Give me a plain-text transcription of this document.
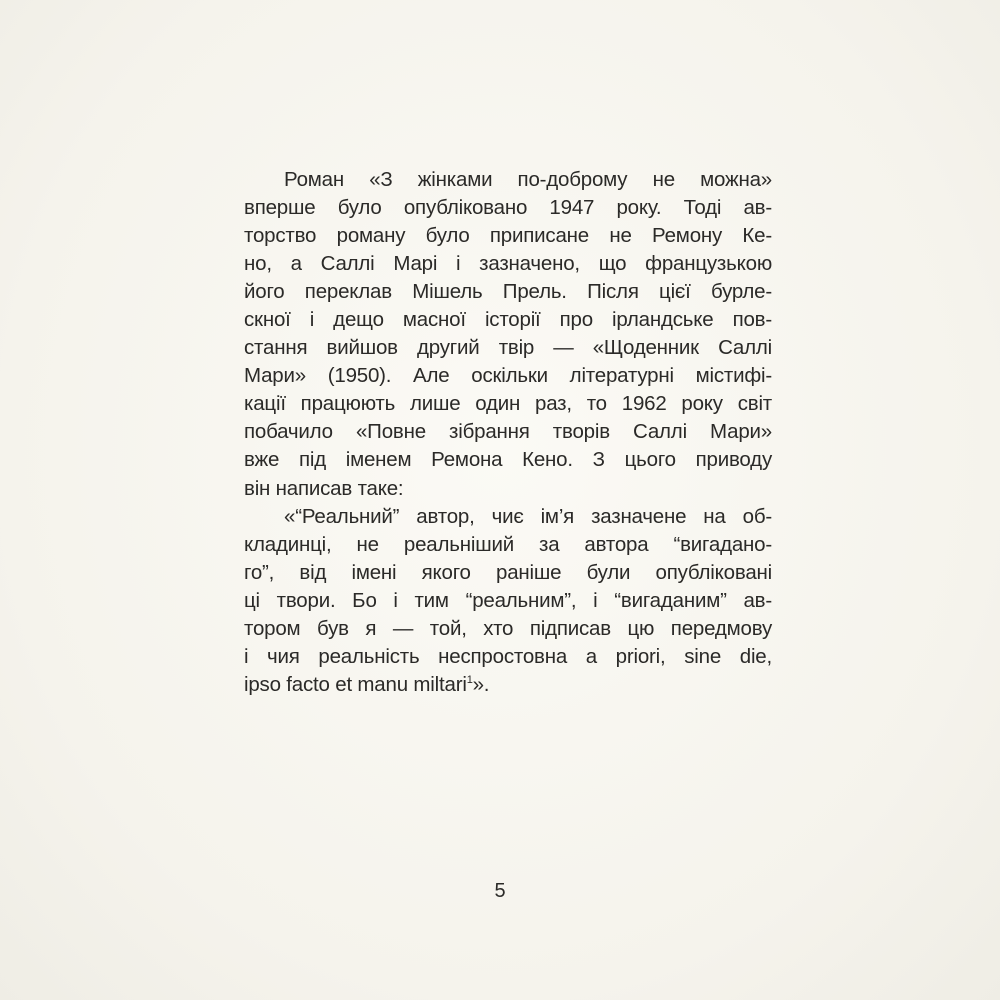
Роман «З жінками по-доброму не можна»
вперше було опубліковано 1947 року. Тоді ав-
торство роману було приписане не Ремону Ке-
но, а Саллі Марі і зазначено, що французькою
його переклав Мішель Прель. Після цієї бурле-
скної і дещо масної історії про ірландське пов-
стання вийшов другий твір — «Щоденник Саллі
Мари» (1950). Але оскільки літературні містифі-
кації працюють лише один раз, то 1962 року світ
побачило «Повне зібрання творів Саллі Мари»
вже під іменем Ремона Кено. З цього приводу
він написав таке:
«“Реальний” автор, чиє ім’я зазначене на об-
кладинці, не реальніший за автора “вигадано-
го”, від імені якого раніше були опубліковані
ці твори. Бо і тим “реальним”, і “вигаданим” ав-
тором був я — той, хто підписав цю передмову
і чия реальність неспростовна a priori, sine die,
ipso facto et manu miltari$^1$».
5
